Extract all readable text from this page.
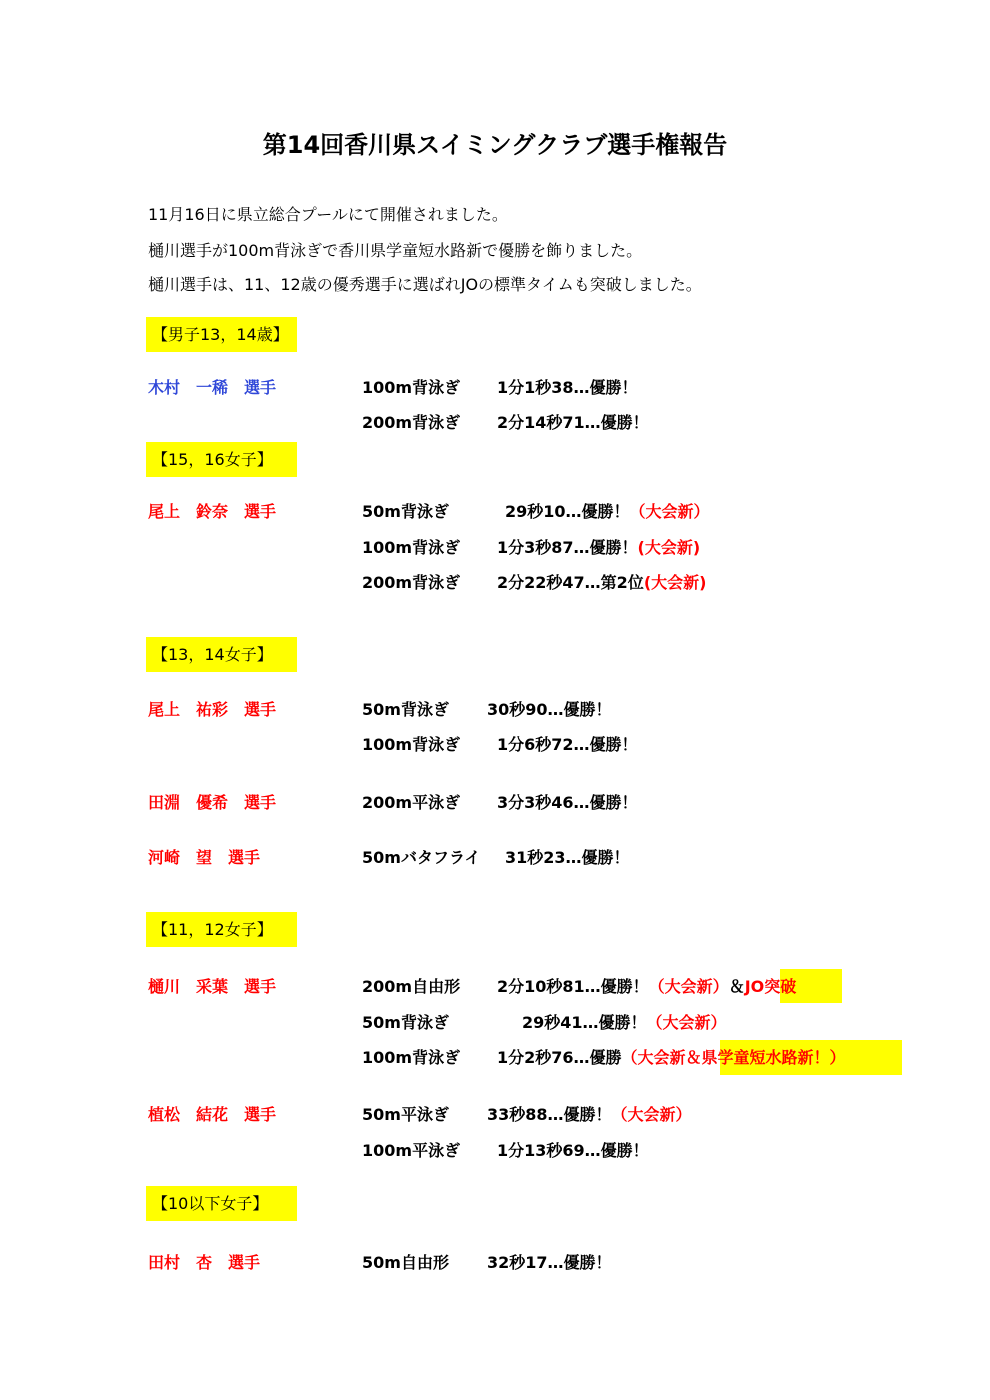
第14回香川県スイミングクラブ選手権報告
11月16日に県立総合プールにて開催されました。
樋川選手が100m背泳ぎで香川県学童短水路新で優勝を飾りました。
樋川選手は、11、12歳の優秀選手に選ばれJOの標準タイムも突破しました。
【男子13，14歳】
【15，16女子】
【13，14女子】
【11，12女子】
【10以下女子】
木村　一稀　選手	100m背泳ぎ 1分1秒38…優勝！
200m背泳ぎ 2分14秒71…優勝！
尾上　鈴奈　選手	50m背泳ぎ	29秒10…優勝！（大会新）
100m背泳ぎ 1分3秒87…優勝！(大会新)
200m背泳ぎ 2分22秒47…第2位(大会新)
尾上　祐彩　選手	50m背泳ぎ 30秒90…優勝！
100m背泳ぎ 1分6秒72…優勝！
田淵　優希　選手	200m平泳ぎ 3分3秒46…優勝！
河崎　望　選手	50mバタフライ 31秒23…優勝！
樋川　采葉　選手	200m自由形 2分10秒81…優勝！（大会新）＆JO突破
50m背泳ぎ	29秒41…優勝！（大会新）
100m背泳ぎ 1分2秒76…優勝（大会新＆県学童短水路新！）
植松　結花　選手	50m平泳ぎ 33秒88…優勝！（大会新）
100m平泳ぎ 1分13秒69…優勝！
田村　杏　選手	50m自由形 32秒17…優勝！
